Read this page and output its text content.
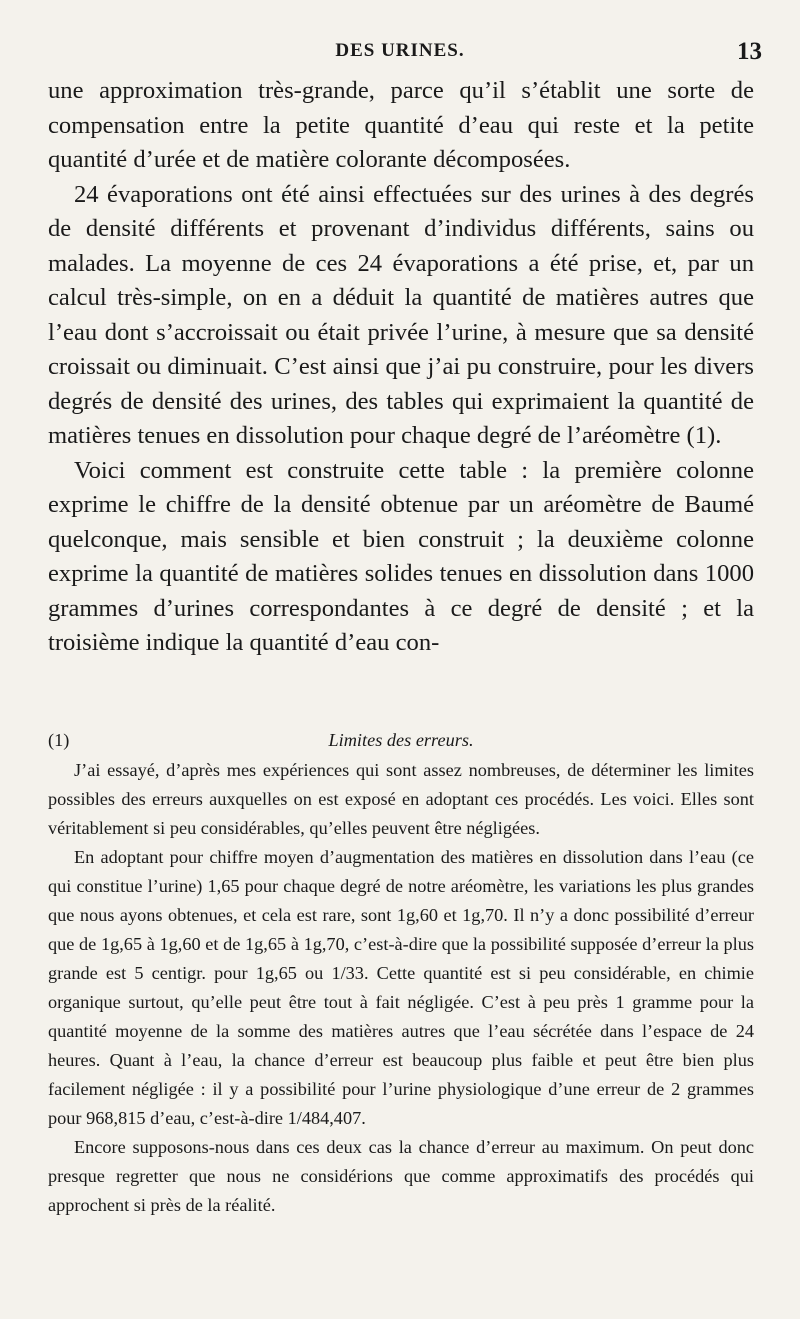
DES URINES.	13

une approximation très-grande, parce qu’il s’établit une sorte de compensation entre la petite quantité d’eau qui reste et la petite quantité d’urée et de matière colorante décomposées.

24 évaporations ont été ainsi effectuées sur des urines à des degrés de densité différents et provenant d’individus différents, sains ou malades. La moyenne de ces 24 évaporations a été prise, et, par un calcul très-simple, on en a déduit la quantité de matières autres que l’eau dont s’accroissait ou était privée l’urine, à mesure que sa densité croissait ou diminuait. C’est ainsi que j’ai pu construire, pour les divers degrés de densité des urines, des tables qui exprimaient la quantité de matières tenues en dissolution pour chaque degré de l’aréomètre (1).

Voici comment est construite cette table : la première colonne exprime le chiffre de la densité obtenue par un aréomètre de Baumé quelconque, mais sensible et bien construit ; la deuxième colonne exprime la quantité de matières solides tenues en dissolution dans 1000 grammes d’urines correspondantes à ce degré de densité ; et la troisième indique la quantité d’eau con-

(1)	Limites des erreurs.

J’ai essayé, d’après mes expériences qui sont assez nombreuses, de déterminer les limites possibles des erreurs auxquelles on est exposé en adoptant ces procédés. Les voici. Elles sont véritablement si peu considérables, qu’elles peuvent être négligées.

En adoptant pour chiffre moyen d’augmentation des matières en dissolution dans l’eau (ce qui constitue l’urine) 1,65 pour chaque degré de notre aréomètre, les variations les plus grandes que nous ayons obtenues, et cela est rare, sont 1g,60 et 1g,70. Il n’y a donc possibilité d’erreur que de 1g,65 à 1g,60 et de 1g,65 à 1g,70, c’est-à-dire que la possibilité supposée d’erreur la plus grande est 5 centigr. pour 1g,65 ou 1/33. Cette quantité est si peu considérable, en chimie organique surtout, qu’elle peut être tout à fait négligée. C’est à peu près 1 gramme pour la quantité moyenne de la somme des matières autres que l’eau sécrétée dans l’espace de 24 heures. Quant à l’eau, la chance d’erreur est beaucoup plus faible et peut être bien plus facilement négligée : il y a possibilité pour l’urine physiologique d’une erreur de 2 grammes pour 968,815 d’eau, c’est-à-dire 1/484,407.

Encore supposons-nous dans ces deux cas la chance d’erreur au maximum. On peut donc presque regretter que nous ne considérions que comme approximatifs des procédés qui approchent si près de la réalité.
